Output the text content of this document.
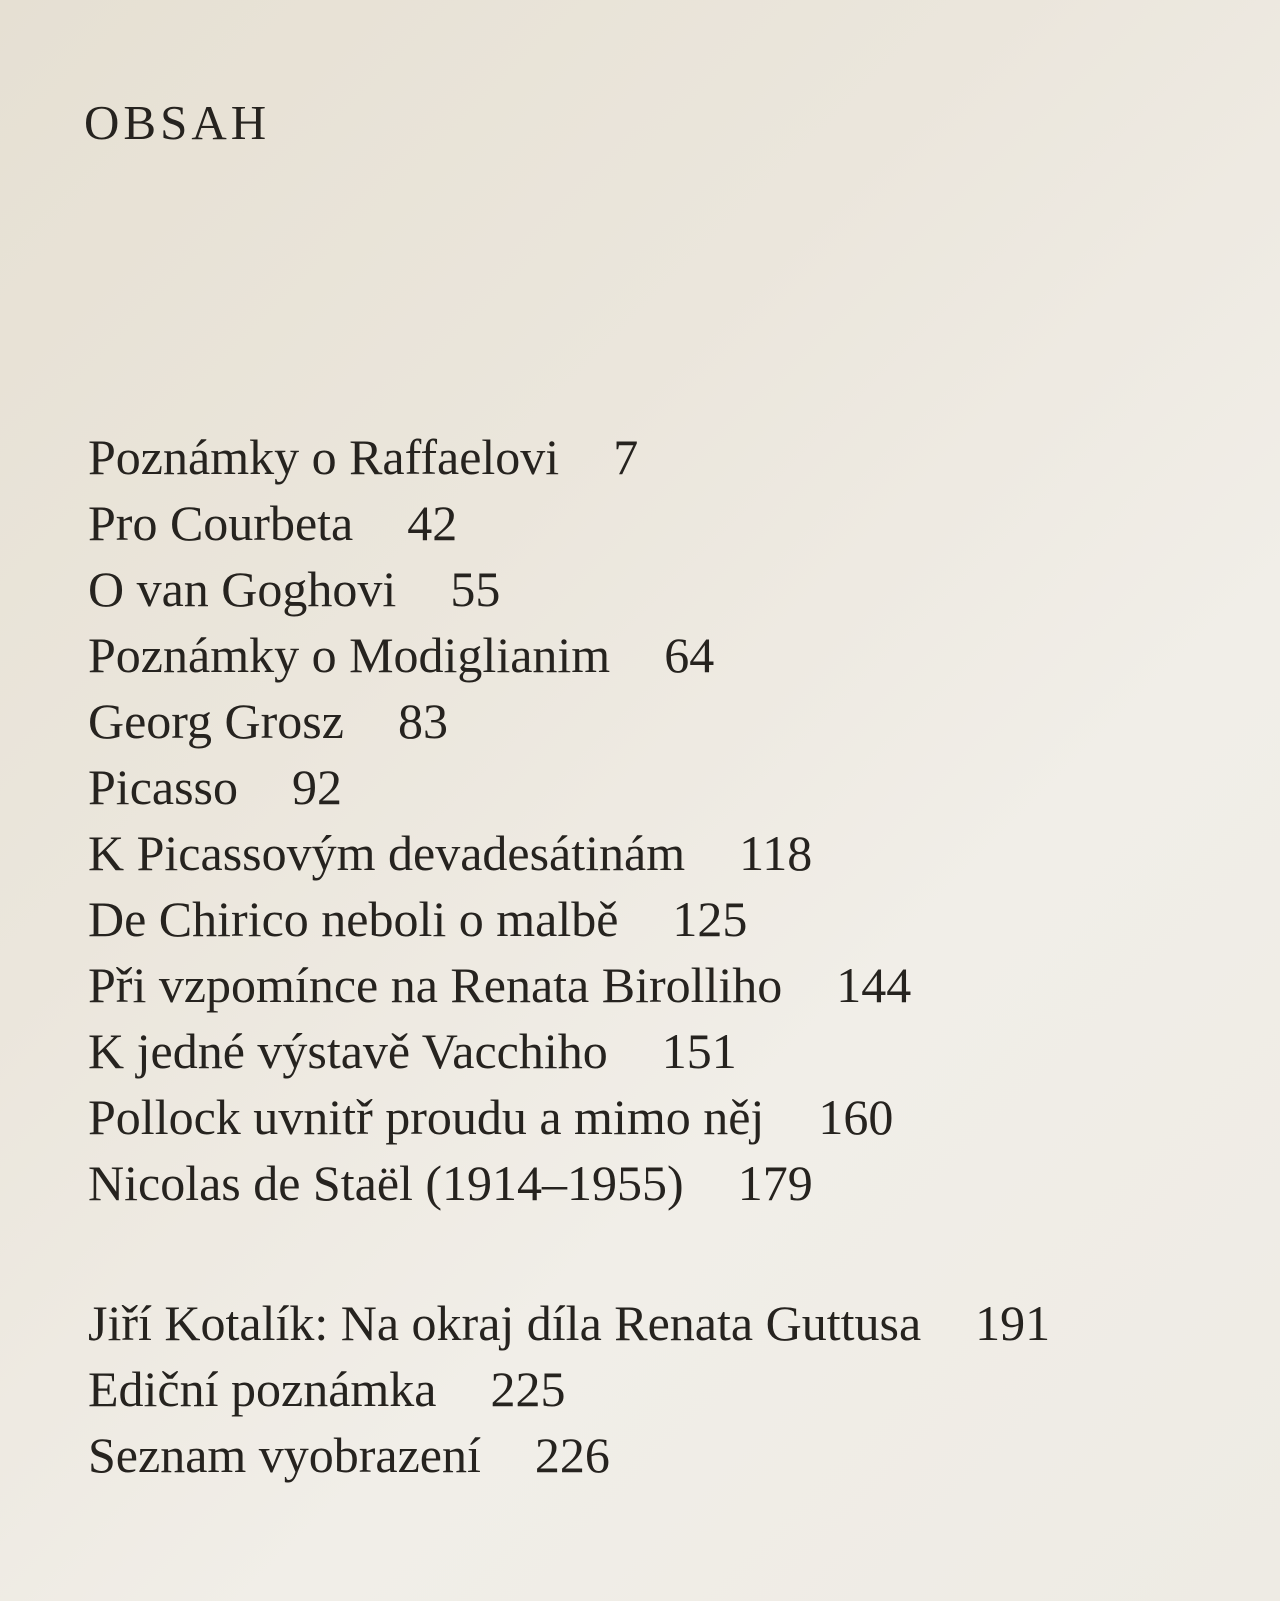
OBSAH
Poznámky o Raffaelovi 7
Pro Courbeta 42
O van Goghovi 55
Poznámky o Modiglianim 64
Georg Grosz 83
Picasso 92
K Picassovým devadesátinám 118
De Chirico neboli o malbě 125
Při vzpomínce na Renata Birolliho 144
K jedné výstavě Vacchiho 151
Pollock uvnitř proudu a mimo něj 160
Nicolas de Staël (1914–1955) 179
Jiří Kotalík: Na okraj díla Renata Guttusa 191
Ediční poznámka 225
Seznam vyobrazení 226
